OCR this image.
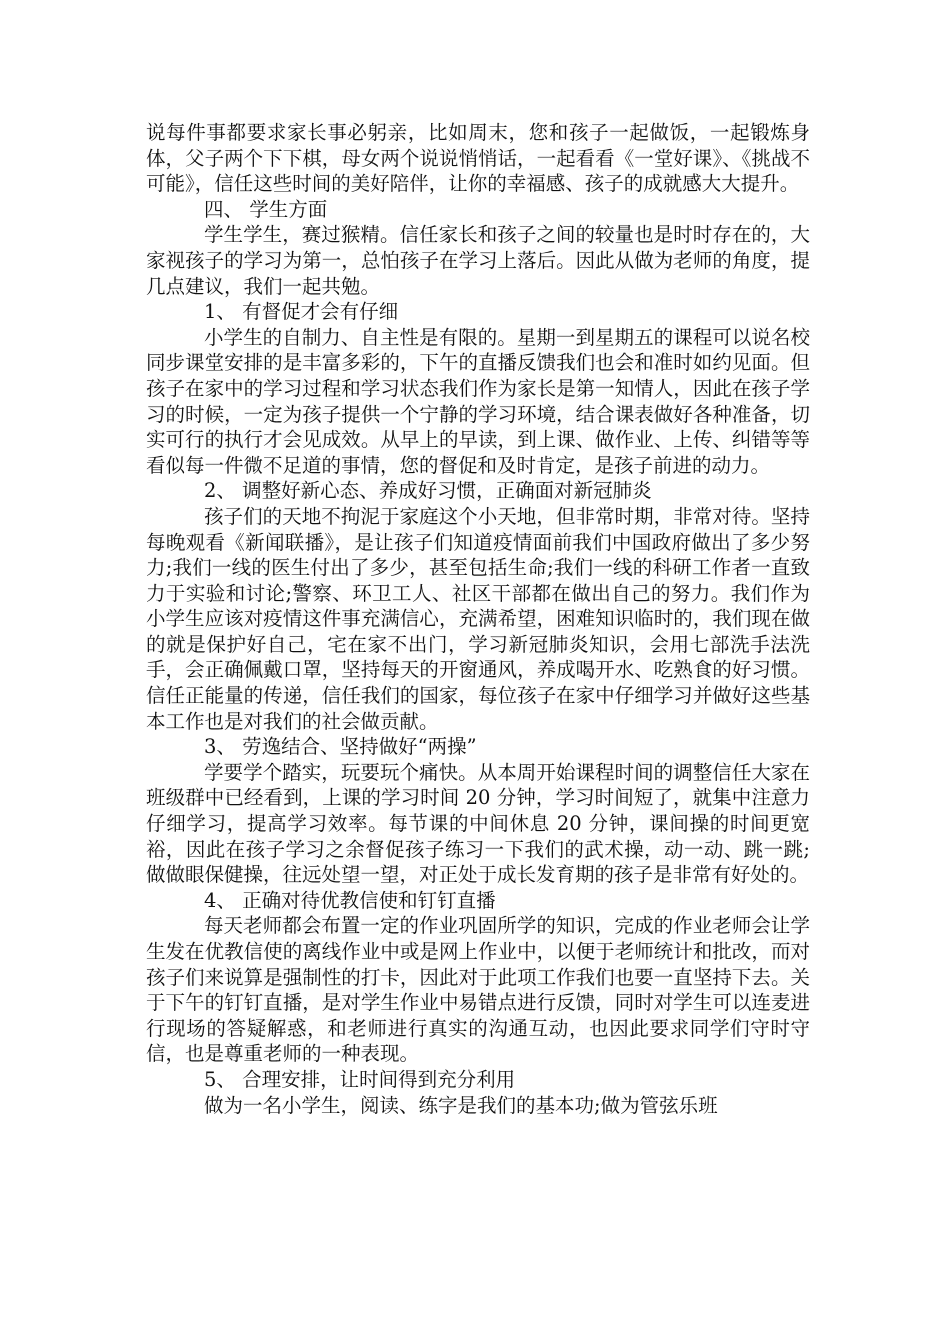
说每件事都要求家长事必躬亲，比如周末，您和孩子一起做饭，一起锻炼身体，父子两个下下棋，母女两个说说悄悄话，一起看看《一堂好课》、《挑战不可能》，信任这些时间的美好陪伴，让你的幸福感、孩子的成就感大大提升。

四、 学生方面

学生学生，赛过猴精。信任家长和孩子之间的较量也是时时存在的，大家视孩子的学习为第一，总怕孩子在学习上落后。因此从做为老师的角度，提几点建议，我们一起共勉。

1、 有督促才会有仔细

小学生的自制力、自主性是有限的。星期一到星期五的课程可以说名校同步课堂安排的是丰富多彩的，下午的直播反馈我们也会和准时如约见面。但孩子在家中的学习过程和学习状态我们作为家长是第一知情人，因此在孩子学习的时候，一定为孩子提供一个宁静的学习环境，结合课表做好各种准备，切实可行的执行才会见成效。从早上的早读，到上课、做作业、上传、纠错等等看似每一件微不足道的事情，您的督促和及时肯定，是孩子前进的动力。

2、 调整好新心态、养成好习惯，正确面对新冠肺炎

孩子们的天地不拘泥于家庭这个小天地，但非常时期，非常对待。坚持每晚观看《新闻联播》，是让孩子们知道疫情面前我们中国政府做出了多少努力;我们一线的医生付出了多少，甚至包括生命;我们一线的科研工作者一直致力于实验和讨论;警察、环卫工人、社区干部都在做出自己的努力。我们作为小学生应该对疫情这件事充满信心，充满希望，困难知识临时的，我们现在做的就是保护好自己，宅在家不出门，学习新冠肺炎知识，会用七部洗手法洗手，会正确佩戴口罩，坚持每天的开窗通风，养成喝开水、吃熟食的好习惯。信任正能量的传递，信任我们的国家，每位孩子在家中仔细学习并做好这些基本工作也是对我们的社会做贡献。

3、 劳逸结合、坚持做好“两操”

学要学个踏实，玩要玩个痛快。从本周开始课程时间的调整信任大家在班级群中已经看到，上课的学习时间 20 分钟，学习时间短了，就集中注意力仔细学习，提高学习效率。每节课的中间休息 20 分钟，课间操的时间更宽裕，因此在孩子学习之余督促孩子练习一下我们的武术操，动一动、跳一跳;做做眼保健操，往远处望一望，对正处于成长发育期的孩子是非常有好处的。

4、 正确对待优教信使和钉钉直播

每天老师都会布置一定的作业巩固所学的知识，完成的作业老师会让学生发在优教信使的离线作业中或是网上作业中，以便于老师统计和批改，而对孩子们来说算是强制性的打卡，因此对于此项工作我们也要一直坚持下去。关于下午的钉钉直播，是对学生作业中易错点进行反馈，同时对学生可以连麦进行现场的答疑解惑，和老师进行真实的沟通互动，也因此要求同学们守时守信，也是尊重老师的一种表现。

5、 合理安排，让时间得到充分利用

做为一名小学生，阅读、练字是我们的基本功;做为管弦乐班
